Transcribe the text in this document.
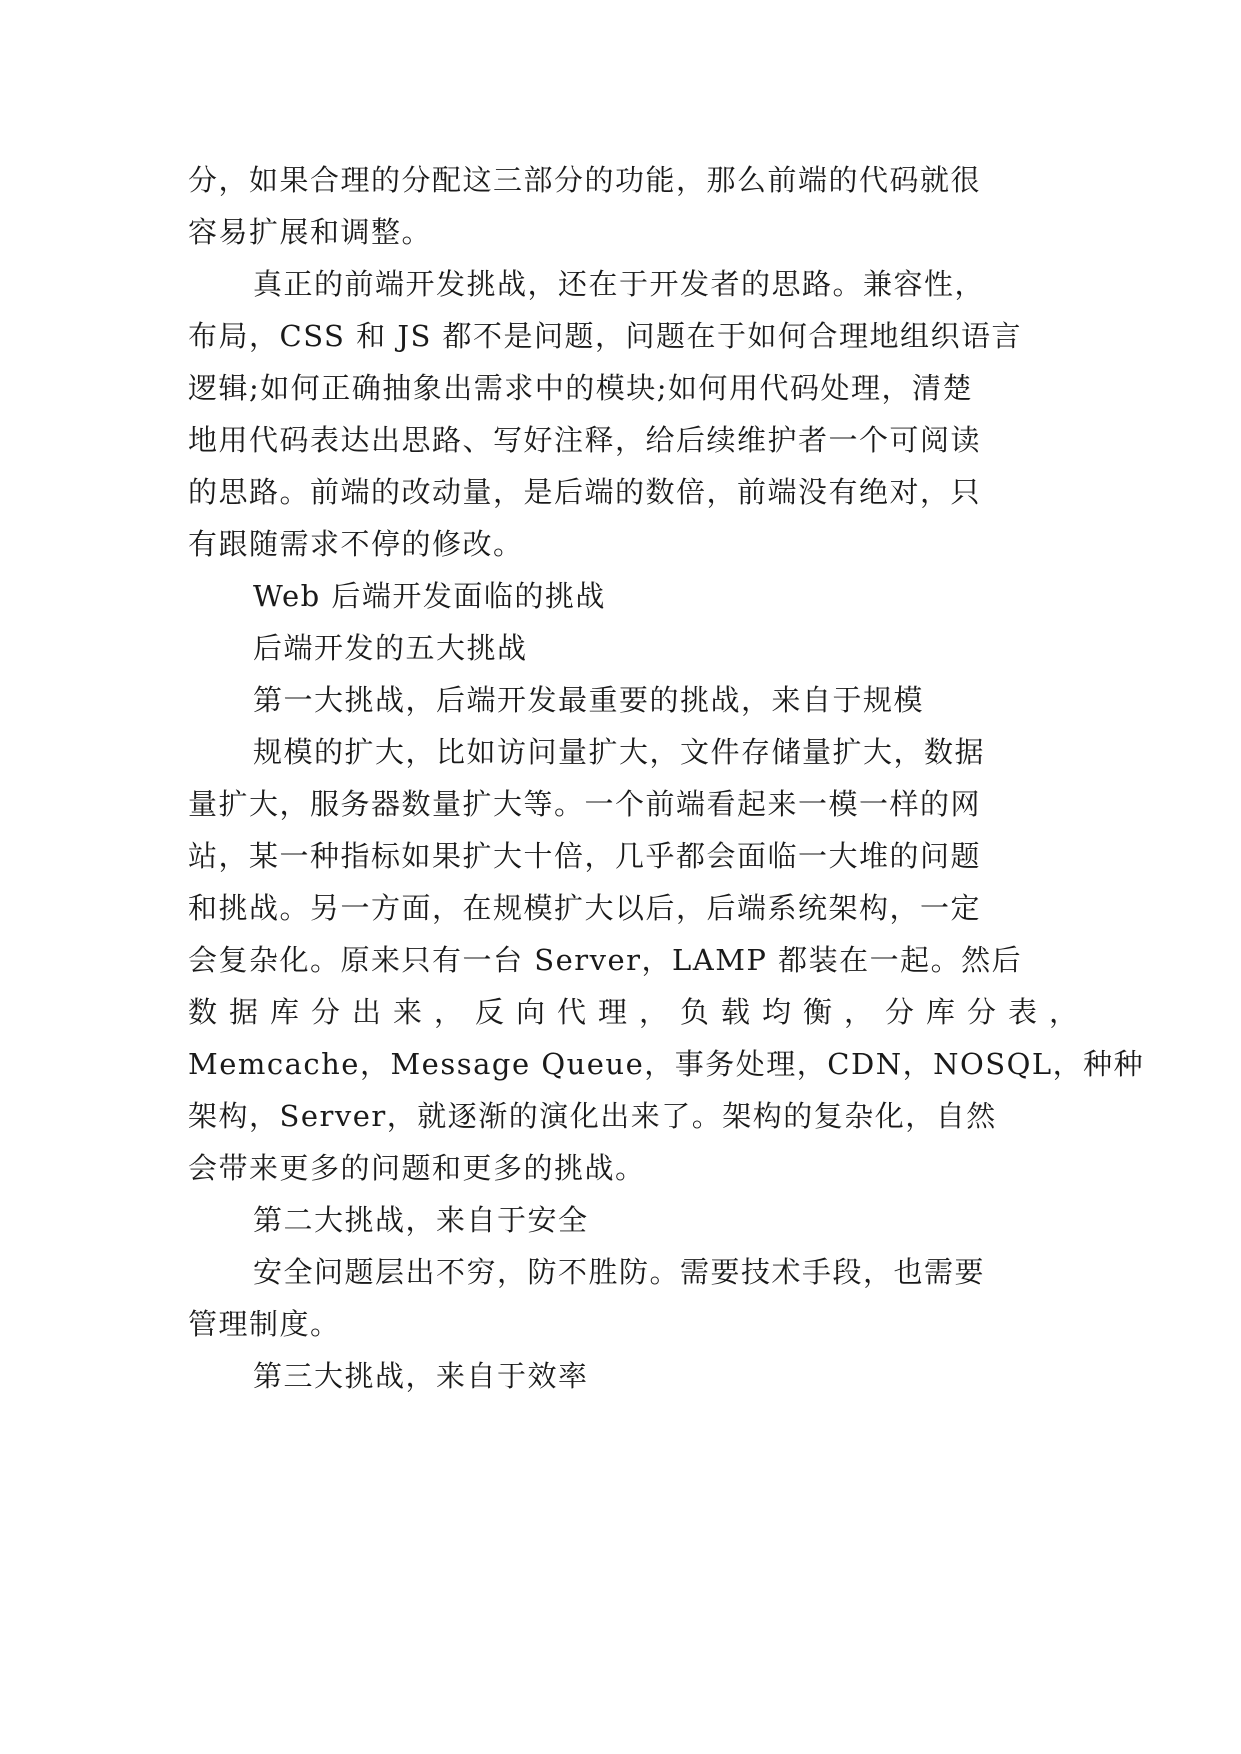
分，如果合理的分配这三部分的功能，那么前端的代码就很
容易扩展和调整。
真正的前端开发挑战，还在于开发者的思路。兼容性，
布局，CSS 和 JS 都不是问题，问题在于如何合理地组织语言
逻辑;如何正确抽象出需求中的模块;如何用代码处理，清楚
地用代码表达出思路、写好注释，给后续维护者一个可阅读
的思路。前端的改动量，是后端的数倍，前端没有绝对，只
有跟随需求不停的修改。
Web 后端开发面临的挑战
后端开发的五大挑战
第一大挑战，后端开发最重要的挑战，来自于规模
规模的扩大，比如访问量扩大，文件存储量扩大，数据
量扩大，服务器数量扩大等。一个前端看起来一模一样的网
站，某一种指标如果扩大十倍，几乎都会面临一大堆的问题
和挑战。另一方面，在规模扩大以后，后端系统架构，一定
会复杂化。原来只有一台 Server，LAMP 都装在一起。然后
数据库分出来，反向代理，负载均衡，分库分表，
Memcache，Message Queue，事务处理，CDN，NOSQL，种种
架构，Server，就逐渐的演化出来了。架构的复杂化，自然
会带来更多的问题和更多的挑战。
第二大挑战，来自于安全
安全问题层出不穷，防不胜防。需要技术手段，也需要
管理制度。
第三大挑战，来自于效率
